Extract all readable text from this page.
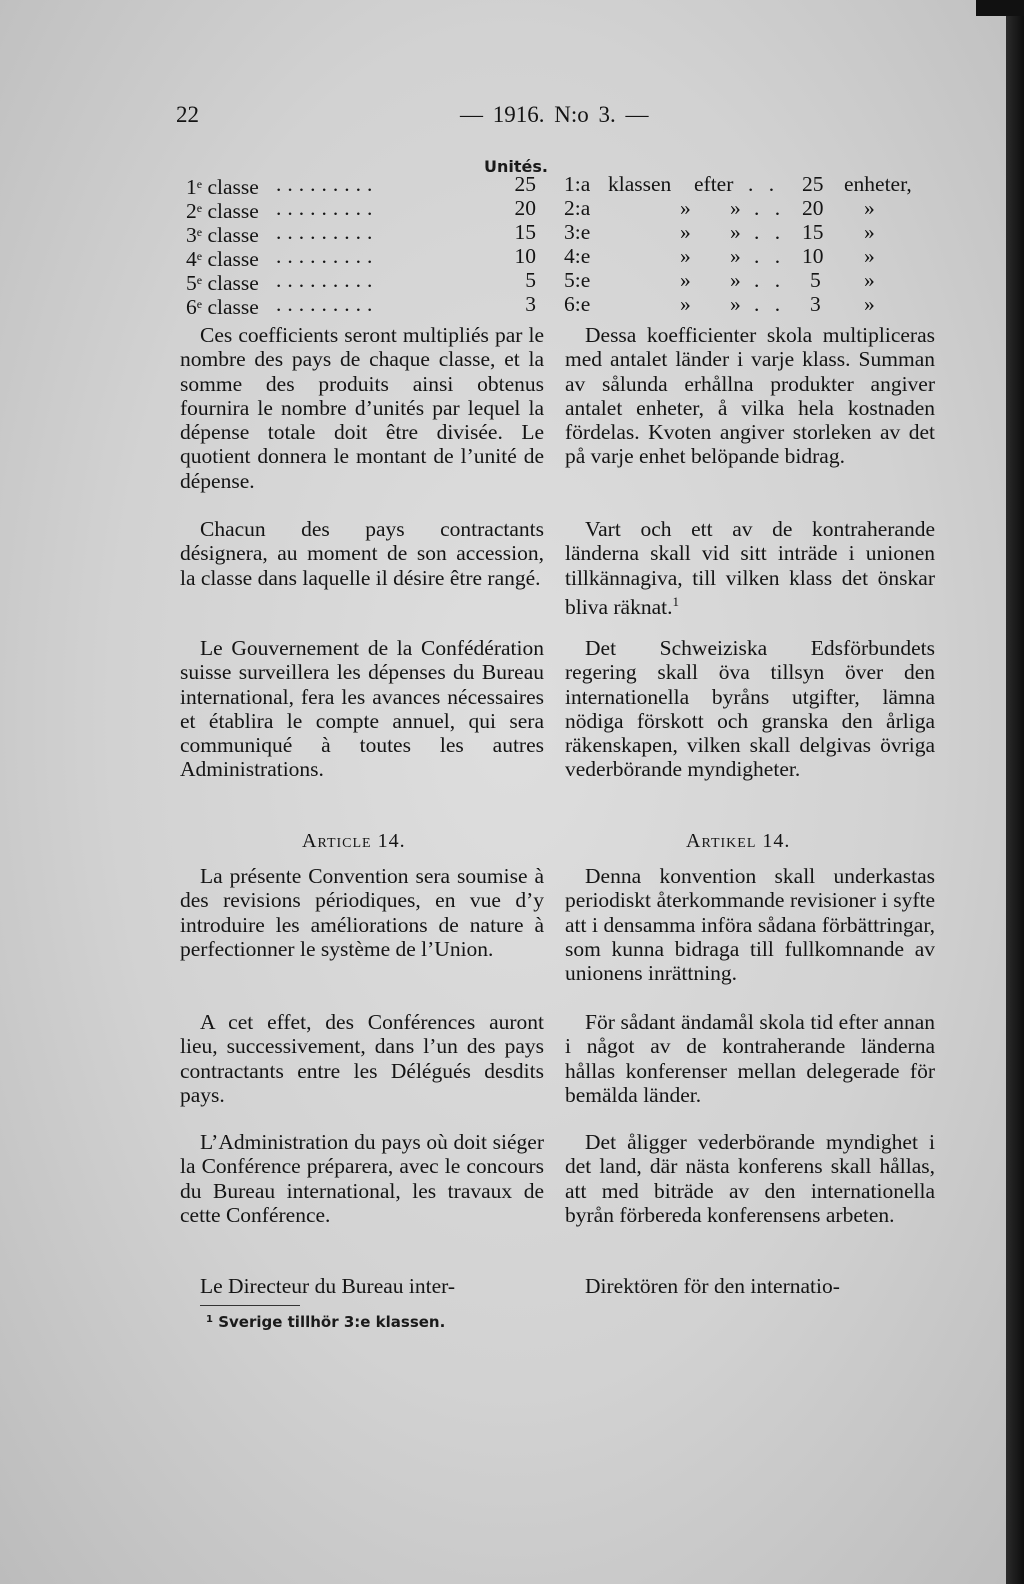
22	— 1916. N:o 3. —
Unités.
1e classe .........	25
2e classe .........	20
3e classe .........	15
4e classe .........	10
5e classe .........	5
6e classe .........	3
1:a klassen efter . . 25 enheter,
2:a	» » . . 20 »
3:e	» » . . 15 »
4:e	» » . . 10 »
5:e	» » . . 5 »
6:e	» » . . 3 »

Ces coefficients seront multipliés par le nombre des pays de chaque classe, et la somme des produits ainsi obtenus fournira le nombre d’unités par lequel la dépense totale doit être divisée. Le quotient donnera le montant de l’unité de dépense.

Chacun des pays contractants désignera, au moment de son accession, la classe dans laquelle il désire être rangé.

Le Gouvernement de la Confédération suisse surveillera les dépenses du Bureau international, fera les avances nécessaires et établira le compte annuel, qui sera communiqué à toutes les autres Administrations.

Article 14.

La présente Convention sera soumise à des revisions périodiques, en vue d’y introduire les améliorations de nature à perfectionner le système de l’Union.

A cet effet, des Conférences auront lieu, successivement, dans l’un des pays contractants entre les Délégués desdits pays.

L’Administration du pays où doit siéger la Conférence préparera, avec le concours du Bureau international, les travaux de cette Conférence.

Le Directeur du Bureau inter-

Dessa koefficienter skola multipliceras med antalet länder i varje klass. Summan av sålunda erhållna produkter angiver antalet enheter, å vilka hela kostnaden fördelas. Kvoten angiver storleken av det på varje enhet belöpande bidrag.

Vart och ett av de kontraherande länderna skall vid sitt inträde i unionen tillkännagiva, till vilken klass det önskar bliva räknat.$^1$

Det Schweiziska Edsförbundets regering skall öva tillsyn över den internationella byråns utgifter, lämna nödiga förskott och granska den årliga räkenskapen, vilken skall delgivas övriga vederbörande myndigheter.

Artikel 14.

Denna konvention skall underkastas periodiskt återkommande revisioner i syfte att i densamma införa sådana förbättringar, som kunna bidraga till fullkomnande av unionens inrättning.

För sådant ändamål skola tid efter annan i något av de kontraherande länderna hållas konferenser mellan delegerade för bemälda länder.

Det åligger vederbörande myndighet i det land, där nästa konferens skall hållas, att med biträde av den internationella byrån förbereda konferensens arbeten.

Direktören för den internatio-

$^1$ Sverige tillhör 3:e klassen.
